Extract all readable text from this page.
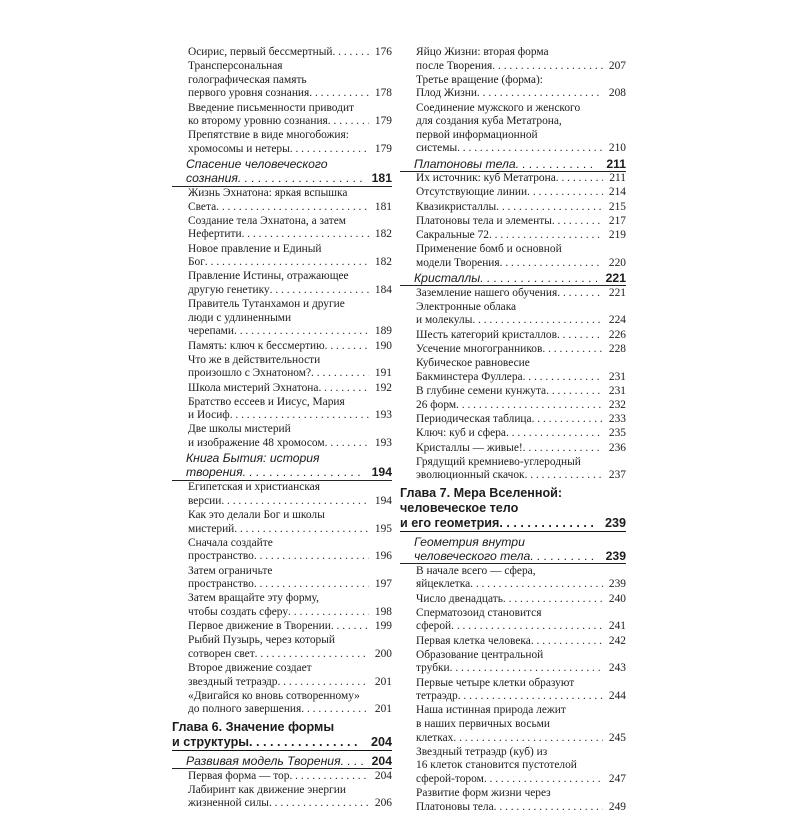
Осирис, первый бессмертный . . .	176
Трансперсональная
голографическая память
первого уровня сознания . . .	178
Введение письменности приводит
ко второму уровню сознания . . .	179
Препятствие в виде многобожия:
хромосомы и нетеры . . .	179
Спасение человеческого
сознания . . .	181
Жизнь Эхнатона: яркая вспышка
Света . . .	181
Создание тела Эхнатона, а затем
Нефертити . . .	182
Новое правление и Единый
Бог . . .	182
Правление Истины, отражающее
другую генетику . . .	184
Правитель Тутанхамон и другие
люди с удлиненными
черепами . . .	189
Память: ключ к бессмертию . . .	190
Что же в действительности
произошло с Эхнатоном? . . .	191
Школа мистерий Эхнатона . . .	192
Братство ессеев и Иисус, Мария
и Иосиф . . .	193
Две школы мистерий
и изображение 48 хромосом . . .	193
Книга Бытия: история
творения . . .	194
Египетская и христианская
версии . . .	194
Как это делали Бог и школы
мистерий . . .	195
Сначала создайте
пространство . . .	196
Затем ограничьте
пространство . . .	197
Затем вращайте эту форму,
чтобы создать сферу . . .	198
Первое движение в Творении . . .	199
Рыбий Пузырь, через который
сотворен свет . . .	200
Второе движение создает
звездный тетраэдр . . .	201
«Двигайся ко вновь сотворенному»
до полного завершения . . .	201
Глава 6. Значение формы
и структуры . . .	204
Развивая модель Творения . . .	204
Первая форма — тор . . .	204
Лабиринт как движение энергии
жизненной силы . . .	206
Яйцо Жизни: вторая форма
после Творения . . .	207
Третье вращение (форма):
Плод Жизни . . .	208
Соединение мужского и женского
для создания куба Метатрона,
первой информационной
системы . . .	210
Платоновы тела . . .	211
Их источник: куб Метатрона . . .	211
Отсутствующие линии . . .	214
Квазикристаллы . . .	215
Платоновы тела и элементы . . .	217
Сакральные 72 . . .	219
Применение бомб и основной
модели Творения . . .	220
Кристаллы . . .	221
Заземление нашего обучения . . .	221
Электронные облака
и молекулы . . .	224
Шесть категорий кристаллов . . .	226
Усечение многогранников . . .	228
Кубическое равновесие
Бакминстера Фуллера . . .	231
В глубине семени кунжута . . .	231
26 форм . . .	232
Периодическая таблица . . .	233
Ключ: куб и сфера . . .	235
Кристаллы — живые! . . .	236
Грядущий кремниево-углеродный
эволюционный скачок . . .	237
Глава 7. Мера Вселенной:
человеческое тело
и его геометрия . . .	239
Геометрия внутри
человеческого тела . . .	239
В начале всего — сфера,
яйцеклетка . . .	239
Число двенадцать . . .	240
Сперматозоид становится
сферой . . .	241
Первая клетка человека . . .	242
Образование центральной
трубки . . .	243
Первые четыре клетки образуют
тетраэдр . . .	244
Наша истинная природа лежит
в наших первичных восьми
клетках . . .	245
Звездный тетраэдр (куб) из
16 клеток становится пустотелой
сферой-тором . . .	247
Развитие форм жизни через
Платоновы тела . . .	249
